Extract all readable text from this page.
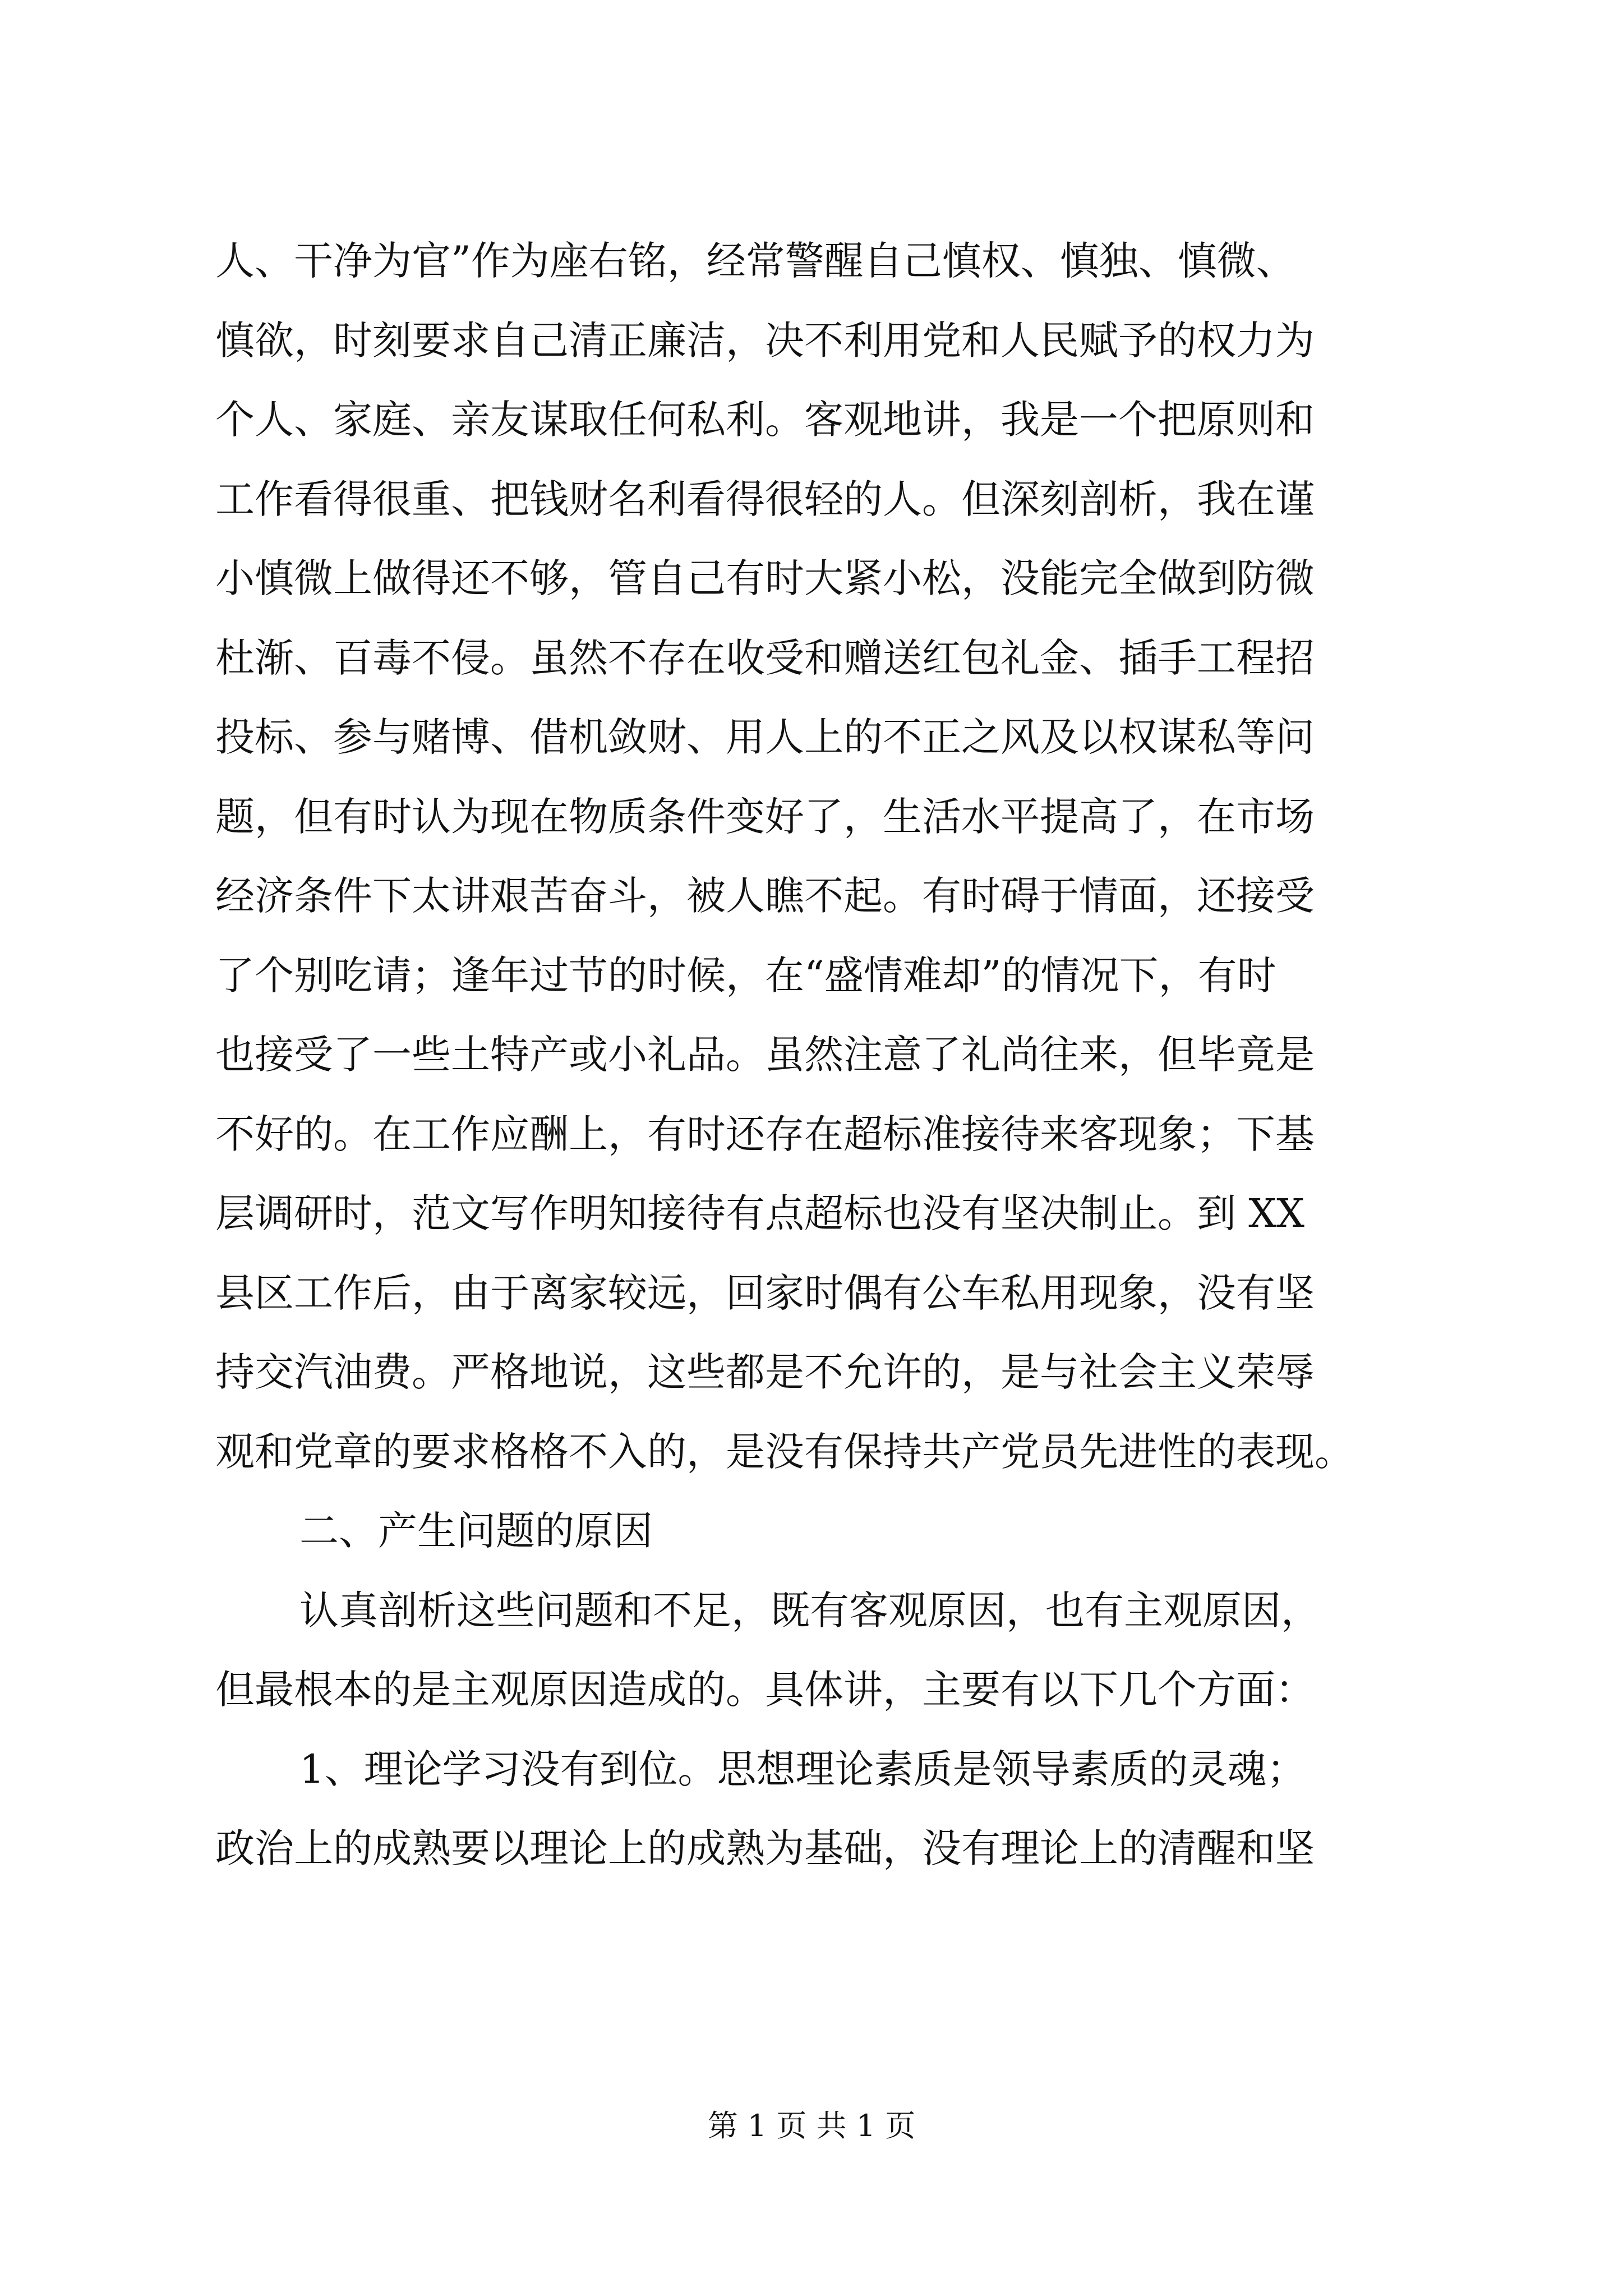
人、干净为官”作为座右铭，经常警醒自己慎权、慎独、慎微、
慎欲，时刻要求自己清正廉洁，决不利用党和人民赋予的权力为
个人、家庭、亲友谋取任何私利。客观地讲，我是一个把原则和
工作看得很重、把钱财名利看得很轻的人。但深刻剖析，我在谨
小慎微上做得还不够，管自己有时大紧小松，没能完全做到防微
杜渐、百毒不侵。虽然不存在收受和赠送红包礼金、插手工程招
投标、参与赌博、借机敛财、用人上的不正之风及以权谋私等问
题，但有时认为现在物质条件变好了，生活水平提高了，在市场
经济条件下太讲艰苦奋斗，被人瞧不起。有时碍于情面，还接受
了个别吃请；逢年过节的时候，在“盛情难却”的情况下，有时
也接受了一些土特产或小礼品。虽然注意了礼尚往来，但毕竟是
不好的。在工作应酬上，有时还存在超标准接待来客现象；下基
层调研时，范文写作明知接待有点超标也没有坚决制止。到 XX
县区工作后，由于离家较远，回家时偶有公车私用现象，没有坚
持交汽油费。严格地说，这些都是不允许的，是与社会主义荣辱
观和党章的要求格格不入的，是没有保持共产党员先进性的表现。
二、产生问题的原因
认真剖析这些问题和不足，既有客观原因，也有主观原因，
但最根本的是主观原因造成的。具体讲，主要有以下几个方面：
1、理论学习没有到位。思想理论素质是领导素质的灵魂；
政治上的成熟要以理论上的成熟为基础，没有理论上的清醒和坚
第 1 页 共 1 页
